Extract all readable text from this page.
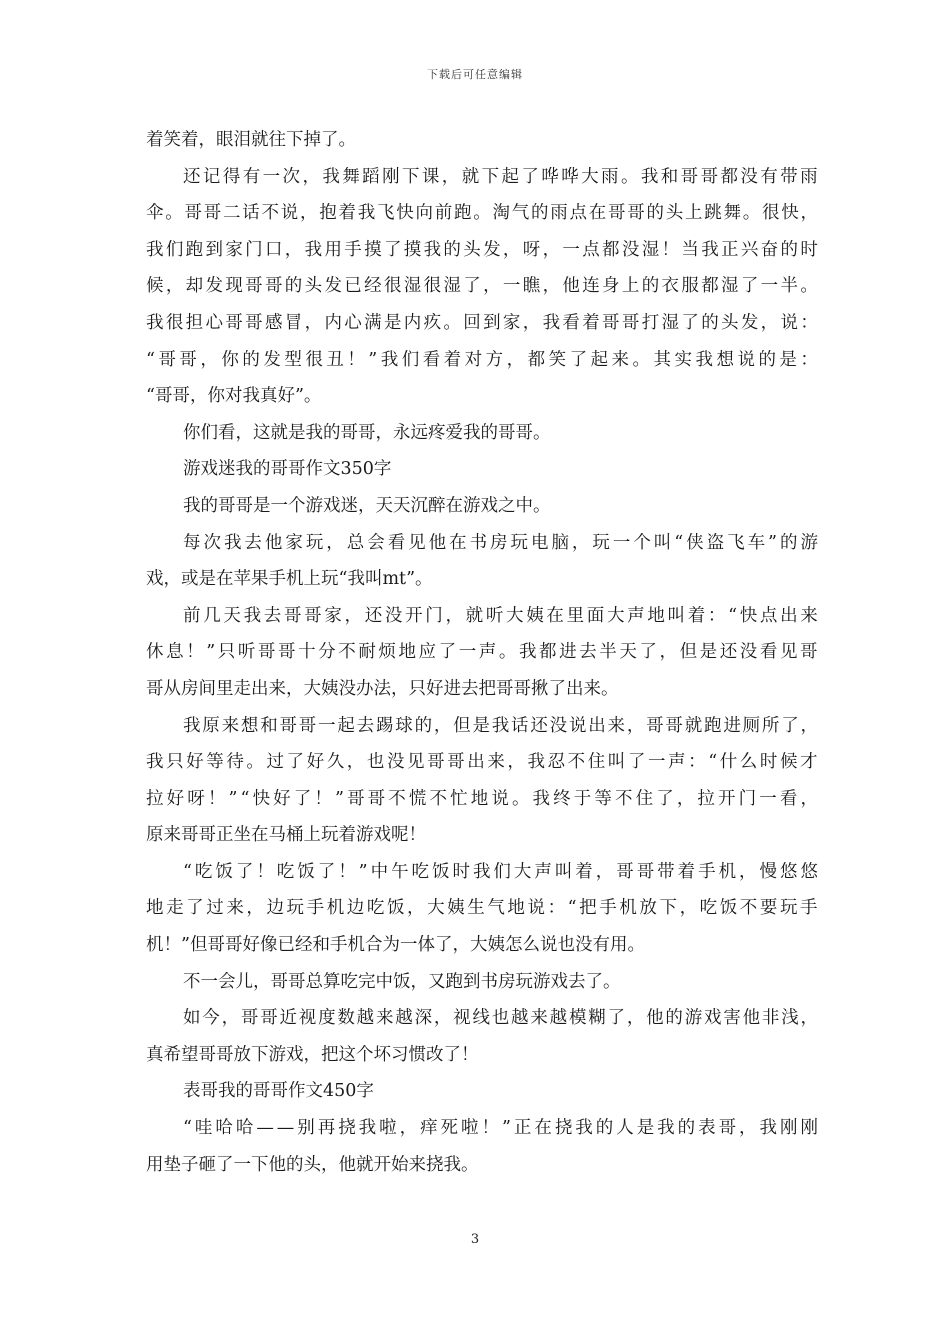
下载后可任意编辑
着笑着，眼泪就往下掉了。
还 记 得 有 一 次 ， 我 舞 蹈 刚 下 课 ， 就 下 起 了 哗 哗 大 雨 。 我 和 哥 哥 都 没 有 带 雨
伞 。 哥 哥 二 话 不 说 ， 抱 着 我 飞 快 向 前 跑 。 淘 气 的 雨 点 在 哥 哥 的 头 上 跳 舞 。 很 快 ，
我 们 跑 到 家 门 口 ， 我 用 手 摸 了 摸 我 的 头 发 ， 呀 ， 一 点 都 没 湿 ！ 当 我 正 兴 奋 的 时
候 ， 却 发 现 哥 哥 的 头 发 已 经 很 湿 很 湿 了 ， 一 瞧 ， 他 连 身 上 的 衣 服 都 湿 了 一 半 。
我 很 担 心 哥 哥 感 冒 ， 内 心 满 是 内 疚 。 回 到 家 ， 我 看 着 哥 哥 打 湿 了 的 头 发 ， 说 ：
“ 哥 哥 ， 你 的 发 型 很 丑 ！ ” 我 们 看 着 对 方 ， 都 笑 了 起 来 。 其 实 我 想 说 的 是 ：
“哥哥，你对我真好”。
你们看，这就是我的哥哥，永远疼爱我的哥哥。
游戏迷我的哥哥作文350字
我的哥哥是一个游戏迷，天天沉醉在游戏之中。
每 次 我 去 他 家 玩 ， 总 会 看 见 他 在 书 房 玩 电 脑 ， 玩 一 个 叫 “ 侠 盗 飞 车 ” 的 游
戏，或是在苹果手机上玩“我叫mt”。
前 几 天 我 去 哥 哥 家 ， 还 没 开 门 ， 就 听 大 姨 在 里 面 大 声 地 叫 着 ： “ 快 点 出 来
休 息 ！ ” 只 听 哥 哥 十 分 不 耐 烦 地 应 了 一 声 。 我 都 进 去 半 天 了 ， 但 是 还 没 看 见 哥
哥从房间里走出来，大姨没办法，只好进去把哥哥揪了出来。
我 原 来 想 和 哥 哥 一 起 去 踢 球 的 ， 但 是 我 话 还 没 说 出 来 ， 哥 哥 就 跑 进 厕 所 了 ，
我 只 好 等 待 。 过 了 好 久 ， 也 没 见 哥 哥 出 来 ， 我 忍 不 住 叫 了 一 声 ： “ 什 么 时 候 才
拉 好 呀 ！ ” “ 快 好 了 ！ ” 哥 哥 不 慌 不 忙 地 说 。 我 终 于 等 不 住 了 ， 拉 开 门 一 看 ，
原来哥哥正坐在马桶上玩着游戏呢！
“ 吃 饭 了 ！ 吃 饭 了 ！ ” 中 午 吃 饭 时 我 们 大 声 叫 着 ， 哥 哥 带 着 手 机 ， 慢 悠 悠
地 走 了 过 来 ， 边 玩 手 机 边 吃 饭 ， 大 姨 生 气 地 说 ： “ 把 手 机 放 下 ， 吃 饭 不 要 玩 手
机！”但哥哥好像已经和手机合为一体了，大姨怎么说也没有用。
不一会儿，哥哥总算吃完中饭，又跑到书房玩游戏去了。
如 今 ， 哥 哥 近 视 度 数 越 来 越 深 ， 视 线 也 越 来 越 模 糊 了 ， 他 的 游 戏 害 他 非 浅 ，
真希望哥哥放下游戏，把这个坏习惯改了！
表哥我的哥哥作文450字
“ 哇 哈 哈 — — 别 再 挠 我 啦 ， 痒 死 啦 ！ ” 正 在 挠 我 的 人 是 我 的 表 哥 ， 我 刚 刚
用垫子砸了一下他的头，他就开始来挠我。
3
